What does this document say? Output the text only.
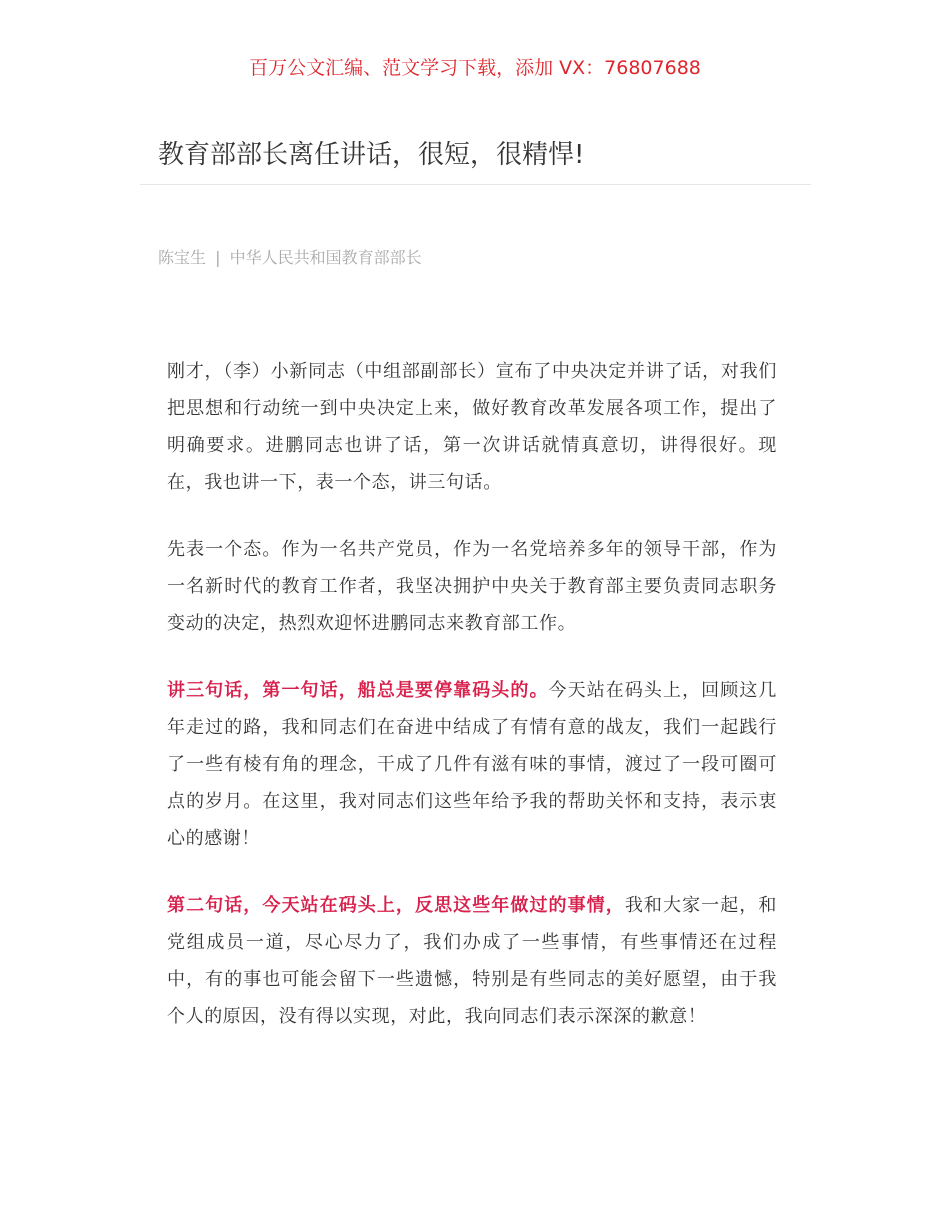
百万公文汇编、范文学习下载，添加 VX：76807688
教育部部长离任讲话，很短，很精悍!
陈宝生 | 中华人民共和国教育部部长

刚才，（李）小新同志（中组部副部长）宣布了中央决定并讲了话，对我们把思想和行动统一到中央决定上来，做好教育改革发展各项工作，提出了明确要求。进鹏同志也讲了话，第一次讲话就情真意切，讲得很好。现在，我也讲一下，表一个态，讲三句话。

先表一个态。作为一名共产党员，作为一名党培养多年的领导干部，作为一名新时代的教育工作者，我坚决拥护中央关于教育部主要负责同志职务变动的决定，热烈欢迎怀进鹏同志来教育部工作。

讲三句话，第一句话，船总是要停靠码头的。今天站在码头上，回顾这几年走过的路，我和同志们在奋进中结成了有情有意的战友，我们一起践行了一些有棱有角的理念，干成了几件有滋有味的事情，渡过了一段可圈可点的岁月。在这里，我对同志们这些年给予我的帮助关怀和支持，表示衷心的感谢！

第二句话，今天站在码头上，反思这些年做过的事情，我和大家一起，和党组成员一道，尽心尽力了，我们办成了一些事情，有些事情还在过程中，有的事也可能会留下一些遗憾，特别是有些同志的美好愿望，由于我个人的原因，没有得以实现，对此，我向同志们表示深深的歉意！
